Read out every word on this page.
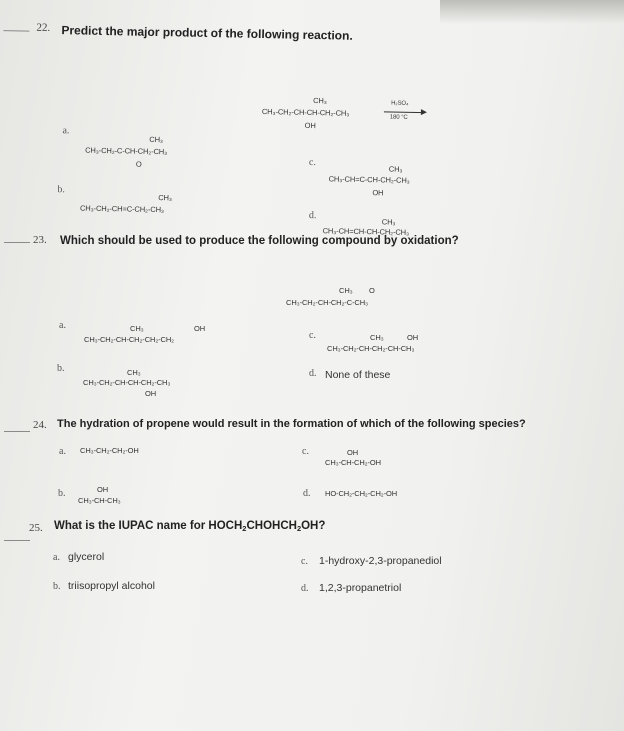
22. Predict the major product of the following reaction.
CH₃
CH₃-CH₂-CH-CH-CH₂-CH₃
OH
H₂SO₄
180 °C
a.
CH₃
CH₃-CH₂-C-CH-CH₂-CH₃
O
b.
CH₃
CH₃-CH₂-CH=C-CH₂-CH₃
c.
CH₃
CH₃-CH=C-CH-CH₂-CH₃
OH
d.
CH₃
CH₃-CH=CH-CH-CH₂-CH₃
23. Which should be used to produce the following compound by oxidation?
CH₃ O
CH₃-CH₂-CH-CH₂-C-CH₃
a.	CH₃	OH
CH₃-CH₂-CH-CH₂-CH₂-CH₂
b.	CH₃
CH₃-CH₂-CH-CH-CH₂-CH₃
OH
c.	CH₃	OH
CH₃-CH₂-CH-CH₂-CH-CH₃
d. None of these
24. The hydration of propene would result in the formation of which of the following species?
a. CH₃-CH₂-CH₂-OH
b.	OH
CH₃-CH-CH₃
c.	OH
CH₃-CH-CH₂-OH
d. HO-CH₂-CH₂-CH₂-OH
25. What is the IUPAC name for $HOCH_2CHOHCH_2OH$?
a. glycerol
b. triisopropyl alcohol
c. 1-hydroxy-2,3-propanediol
d. 1,2,3-propanetriol
